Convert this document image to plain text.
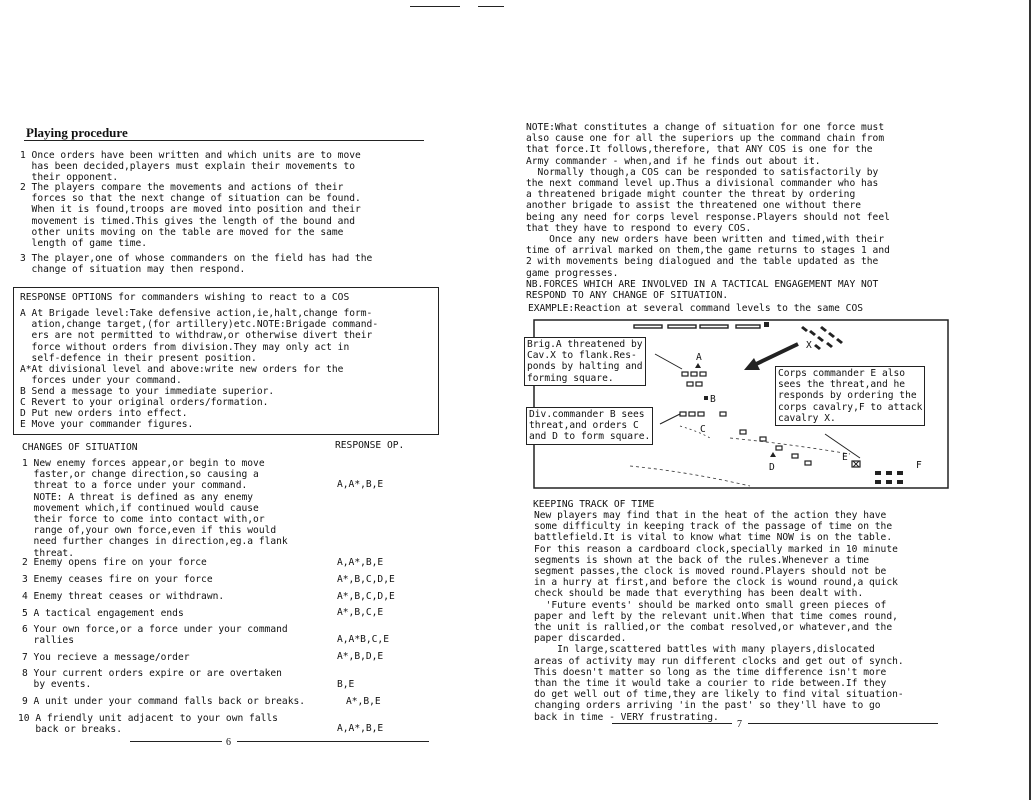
Playing procedure
1 Once orders have been written and which units are to move
has been decided,players must explain their movements to
their opponent.
2 The players compare the movements and actions of their
forces so that the next change of situation can be found.
When it is found,troops are moved into position and their
movement is timed.This gives the length of the bound and
other units moving on the table are moved for the same
length of game time.
3 The player,one of whose commanders on the field has had the
change of situation may then respond.
RESPONSE OPTIONS for commanders wishing to react to a COS
A At Brigade level:Take defensive action,ie,halt,change form-
ation,change target,(for artillery)etc.NOTE:Brigade command-
ers are not permitted to withdraw,or otherwise divert their
force without orders from division.They may only act in
self-defence in their present position.
A*At divisional level and above:write new orders for the
forces under your command.
B Send a message to your immediate superior.
C Revert to your original orders/formation.
D Put new orders into effect.
E Move your commander figures.
CHANGES OF SITUATION	RESPONSE OP.
1 New enemy forces appear,or begin to move
faster,or change direction,so causing a
threat to a force under your command.
NOTE: A threat is defined as any enemy
movement which,if continued would cause
their force to come into contact with,or
range of,your own force,even if this would
need further changes in direction,eg.a flank
threat.
A,A*,B,E
2 Enemy opens fire on your force	A,A*,B,E
3 Enemy ceases fire on your force	A*,B,C,D,E
4 Enemy threat ceases or withdrawn.	A*,B,C,D,E
5 A tactical engagement ends	A*,B,C,E
6 Your own force,or a force under your command
rallies	A,A*B,C,E
7 You recieve a message/order	A*,B,D,E
8 Your current orders expire or are overtaken
by events.	B,E
9 A unit under your command falls back or breaks.	A*,B,E
10 A friendly unit adjacent to your own falls
back or breaks.	A,A*,B,E
6
NOTE:What constitutes a change of situation for one force must
also cause one for all the superiors up the command chain from
that force.It follows,therefore, that ANY COS is one for the
Army commander - when,and if he finds out about it.
Normally though,a COS can be responded to satisfactorily by
the next command level up.Thus a divisional commander who has
a threatened brigade might counter the threat by ordering
another brigade to assist the threatened one without there
being any need for corps level response.Players should not feel
that they have to respond to every COS.
Once any new orders have been written and timed,with their
time of arrival marked on them,the game returns to stages 1 and
2 with movements being dialogued and the table updated as the
game progresses.
NB.FORCES WHICH ARE INVOLVED IN A TACTICAL ENGAGEMENT MAY NOT
RESPOND TO ANY CHANGE OF SITUATION.
EXAMPLE:Reaction at several command levels to the same COS
A
X
B
C
D
E
F
Brig.A threatened by
Cav.X to flank.Res-
ponds by halting and
forming square.
Div.commander B sees
threat,and orders C
and D to form square.
Corps commander E also
sees the threat,and he
responds by ordering the
corps cavalry,F to attack
cavalry X.
KEEPING TRACK OF TIME
New players may find that in the heat of the action they have
some difficulty in keeping track of the passage of time on the
battlefield.It is vital to know what time NOW is on the table.
For this reason a cardboard clock,specially marked in 10 minute
segments is shown at the back of the rules.Whenever a time
segment passes,the clock is moved round.Players should not be
in a hurry at first,and before the clock is wound round,a quick
check should be made that everything has been dealt with.
'Future events' should be marked onto small green pieces of
paper and left by the relevant unit.When that time comes round,
the unit is rallied,or the combat resolved,or whatever,and the
paper discarded.
In large,scattered battles with many players,dislocated
areas of activity may run different clocks and get out of synch.
This doesn't matter so long as the time difference isn't more
than the time it would take a courier to ride between.If they
do get well out of time,they are likely to find vital situation-
changing orders arriving 'in the past' so they'll have to go
back in time - VERY frustrating.
7
